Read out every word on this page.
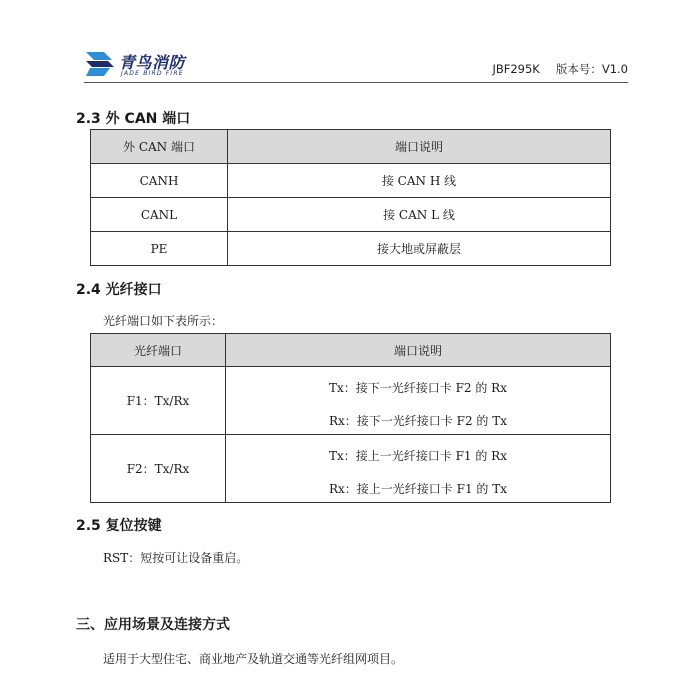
青鸟消防
JADE BIRD FIRE	JBF295K 版本号：V1.0
2.3 外 CAN 端口
外 CAN 端口	端口说明
CANH	接 CAN H 线
CANL	接 CAN L 线
PE	接大地或屏蔽层
2.4 光纤接口
光纤端口如下表所示：
光纤端口	端口说明
F1：Tx/Rx	Tx：接下一光纤接口卡 F2 的 Rx
Rx：接下一光纤接口卡 F2 的 Tx

F2：Tx/Rx	Tx：接上一光纤接口卡 F1 的 Rx
Rx：接上一光纤接口卡 F1 的 Tx
2.5 复位按键
RST：短按可让设备重启。
三、应用场景及连接方式
适用于大型住宅、商业地产及轨道交通等光纤组网项目。
